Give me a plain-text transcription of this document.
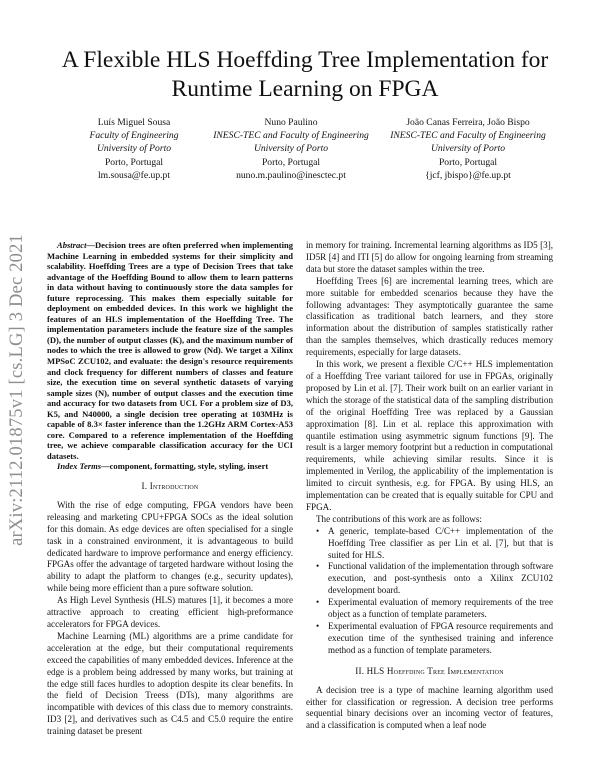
arXiv:2112.01875v1 [cs.LG] 3 Dec 2021
A Flexible HLS Hoeffding Tree Implementation for Runtime Learning on FPGA
Luís Miguel Sousa
Faculty of Engineering
University of Porto
Porto, Portugal
lm.sousa@fe.up.pt
Nuno Paulino
INESC-TEC and Faculty of Engineering
University of Porto
Porto, Portugal
nuno.m.paulino@inesctec.pt
João Canas Ferreira, João Bispo
INESC-TEC and Faculty of Engineering
University of Porto
Porto, Portugal
{jcf, jbispo}@fe.up.pt

Abstract—Decision trees are often preferred when implementing Machine Learning in embedded systems for their simplicity and scalability. Hoeffding Trees are a type of Decision Trees that take advantage of the Hoeffding Bound to allow them to learn patterns in data without having to continuously store the data samples for future reprocessing. This makes them especially suitable for deployment on embedded devices. In this work we highlight the features of an HLS implementation of the Hoeffding Tree. The implementation parameters include the feature size of the samples (D), the number of output classes (K), and the maximum number of nodes to which the tree is allowed to grow (Nd). We target a Xilinx MPSoC ZCU102, and evaluate: the design's resource requirements and clock frequency for different numbers of classes and feature size, the execution time on several synthetic datasets of varying sample sizes (N), number of output classes and the execution time and accuracy for two datasets from UCI. For a problem size of D3, K5, and N40000, a single decision tree operating at 103MHz is capable of 8.3× faster inference than the 1.2GHz ARM Cortex-A53 core. Compared to a reference implementation of the Hoeffding tree, we achieve comparable classification accuracy for the UCI datasets.

Index Terms—component, formatting, style, styling, insert

I. Introduction

With the rise of edge computing, FPGA vendors have been releasing and marketing CPU+FPGA SOCs as the ideal solution for this domain. As edge devices are often specialised for a single task in a constrained environment, it is advantageous to build dedicated hardware to improve performance and energy efficiency. FPGAs offer the advantage of targeted hardware without losing the ability to adapt the platform to changes (e.g., security updates), while being more efficient than a pure software solution.

As High Level Synthesis (HLS) matures [1], it becomes a more attractive approach to creating efficient high-preformance accelerators for FPGA devices.

Machine Learning (ML) algorithms are a prime candidate for acceleration at the edge, but their computational requirements exceed the capabilities of many embedded devices. Inference at the edge is a problem being addressed by many works, but training at the edge still faces hurdles to adoption despite its clear benefits. In the field of Decision Treess (DTs), many algorithms are incompatible with devices of this class due to memory constraints. ID3 [2], and derivatives such as C4.5 and C5.0 require the entire training dataset be present

in memory for training. Incremental learning algorithms as ID5 [3], ID5R [4] and ITI [5] do allow for ongoing learning from streaming data but store the dataset samples within the tree.

Hoeffding Trees [6] are incremental learning trees, which are more suitable for embedded scenarios because they have the following advantages: They asymptotically guarantee the same classification as traditional batch learners, and they store information about the distribution of samples statistically rather than the samples themselves, which drastically reduces memory requirements, especially for large datasets.

In this work, we present a flexible C/C++ HLS implementation of a Hoeffding Tree variant tailored for use in FPGAs, originally proposed by Lin et al. [7]. Their work built on an earlier variant in which the storage of the statistical data of the sampling distribution of the original Hoeffding Tree was replaced by a Gaussian approximation [8]. Lin et al. replace this approximation with quantile estimation using asymmetric signum functions [9]. The result is a larger memory footprint but a reduction in computational requirements, while achieving similar results. Since it is implemented in Verilog, the applicability of the implementation is limited to circuit synthesis, e.g. for FPGA. By using HLS, an implementation can be created that is equally suitable for CPU and FPGA.

The contributions of this work are as follows:

• A generic, template-based C/C++ implementation of the Hoeffding Tree classifier as per Lin et al. [7], but that is suited for HLS.
• Functional validation of the implementation through software execution, and post-synthesis onto a Xilinx ZCU102 development board.
• Experimental evaluation of memory requirements of the tree object as a function of template parameters.
• Experimental evaluation of FPGA resource requirements and execution time of the synthesised training and inference method as a function of template parameters.
II. HLS Hoeffding Tree Implementation

A decision tree is a type of machine learning algorithm used either for classification or regression. A decision tree performs sequential binary decisions over an incoming vector of features, and a classification is computed when a leaf node
